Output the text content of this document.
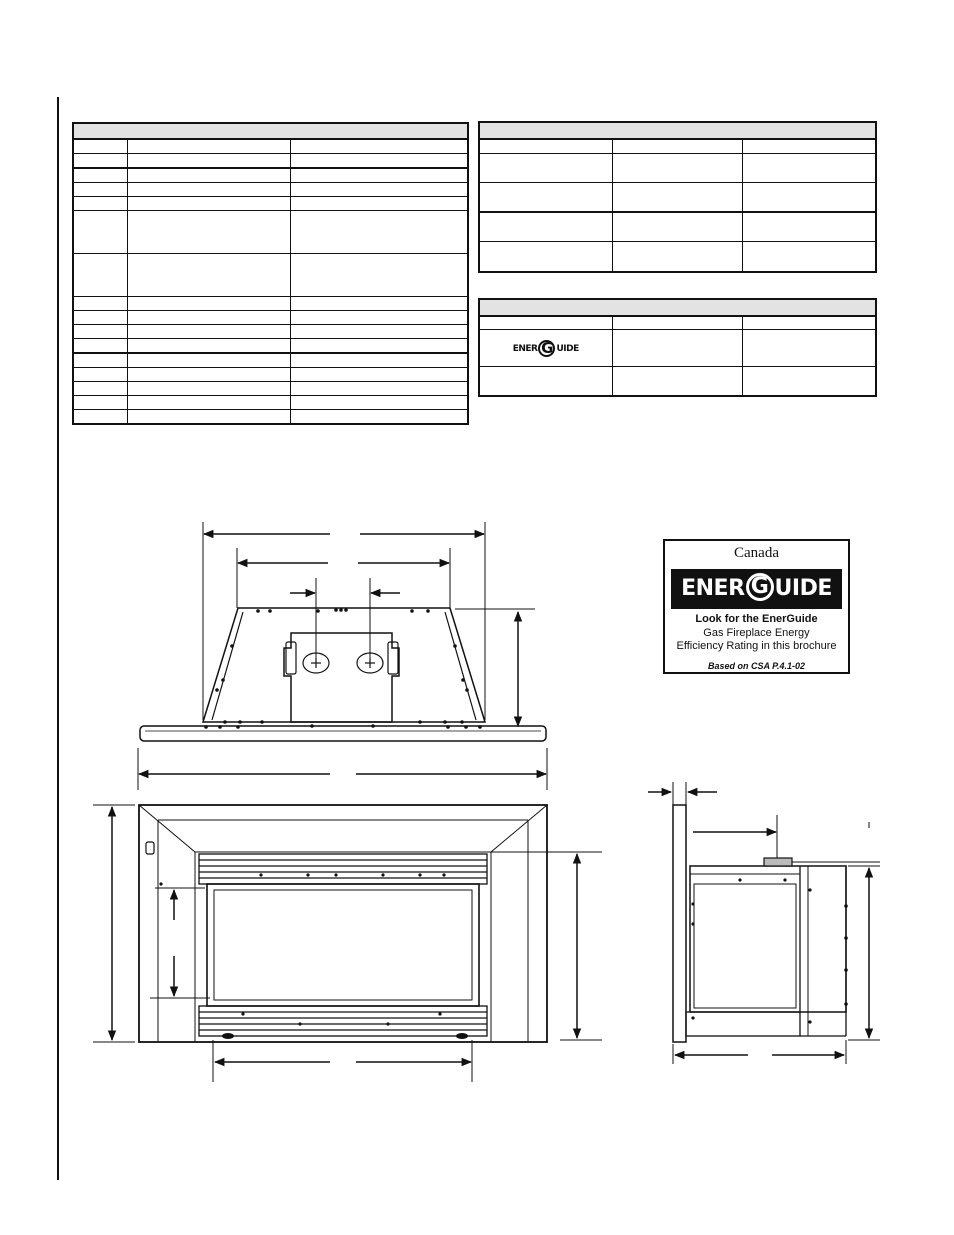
ENER G UIDE		

Canada
ENER G UIDE
Look for the EnerGuide
Gas Fireplace Energy
Efficiency Rating in this brochure
Based on CSA P.4.1-02
